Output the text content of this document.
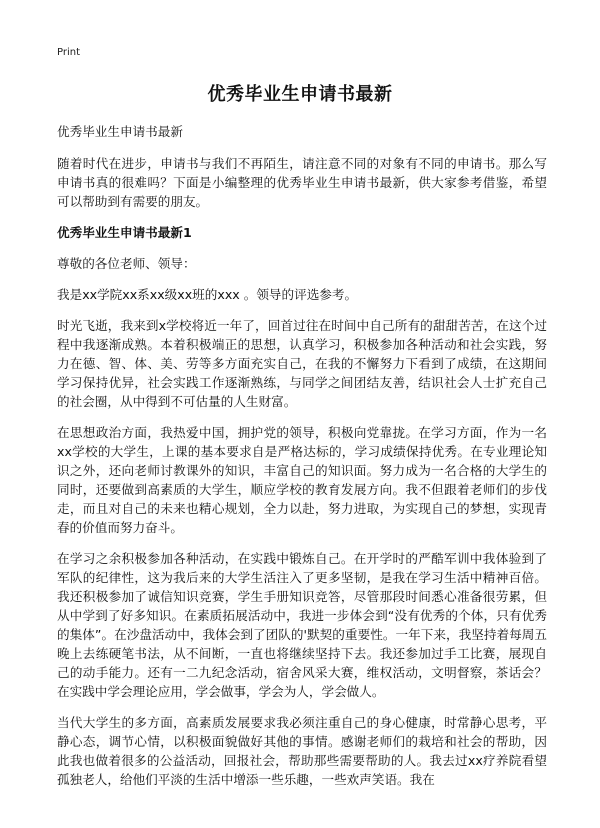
Print
优秀毕业生申请书最新

优秀毕业生申请书最新

随着时代在进步，申请书与我们不再陌生，请注意不同的对象有不同的申请书。那么写申请书真的很难吗？下面是小编整理的优秀毕业生申请书最新，供大家参考借鉴，希望可以帮助到有需要的朋友。

优秀毕业生申请书最新1

尊敬的各位老师、领导：

我是xx学院xx系xx级xx班的xxx 。领导的评选参考。

时光飞逝，我来到x学校将近一年了，回首过往在时间中自己所有的甜甜苦苦，在这个过程中我逐渐成熟。本着积极端正的思想，认真学习，积极参加各种活动和社会实践，努力在德、智、体、美、劳等多方面充实自己，在我的不懈努力下看到了成绩，在这期间学习保持优异，社会实践工作逐渐熟练，与同学之间团结友善，结识社会人士扩充自己的社会圈，从中得到不可估量的人生财富。

在思想政治方面，我热爱中国，拥护党的领导，积极向党靠拢。在学习方面，作为一名xx学校的大学生，上课的基本要求自是严格达标的，学习成绩保持优秀。在专业理论知识之外，还向老师讨教课外的知识，丰富自己的知识面。努力成为一名合格的大学生的同时，还要做到高素质的大学生，顺应学校的教育发展方向。我不但跟着老师们的步伐走，而且对自己的未来也精心规划，全力以赴，努力进取，为实现自己的梦想，实现青春的价值而努力奋斗。

在学习之余积极参加各种活动，在实践中锻炼自己。在开学时的严酷军训中我体验到了军队的纪律性，这为我后来的大学生活注入了更多坚韧，是我在学习生活中精神百倍。我还积极参加了诚信知识竞赛，学生手册知识竞答，尽管那段时间悉心准备很劳累，但从中学到了好多知识。在素质拓展活动中，我进一步体会到“没有优秀的个体，只有优秀的集体”。在沙盘活动中，我体会到了团队的'默契的重要性。一年下来，我坚持着每周五晚上去练硬笔书法，从不间断，一直也将继续坚持下去。我还参加过手工比赛，展现自己的动手能力。还有一二九纪念活动，宿舍风采大赛，维权活动，文明督察，茶话会？在实践中学会理论应用，学会做事，学会为人，学会做人。

当代大学生的多方面，高素质发展要求我必须注重自己的身心健康，时常静心思考，平静心态，调节心情，以积极面貌做好其他的事情。感谢老师们的栽培和社会的帮助，因此我也做着很多的公益活动，回报社会，帮助那些需要帮助的人。我去过xx疗养院看望孤独老人，给他们平淡的生活中增添一些乐趣，一些欢声笑语。我在
